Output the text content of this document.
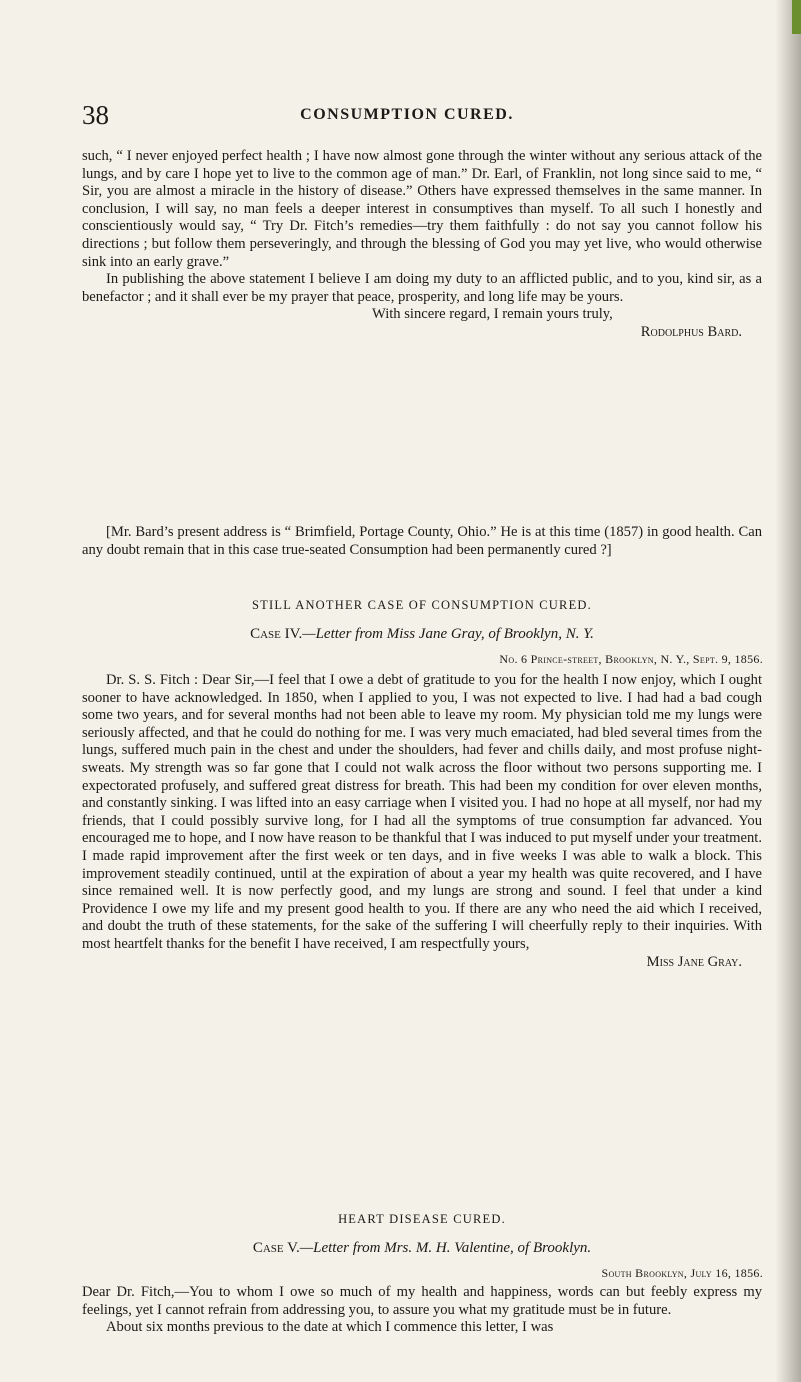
38	CONSUMPTION CURED.

such, “ I never enjoyed perfect health ; I have now almost gone through the winter without any serious attack of the lungs, and by care I hope yet to live to the common age of man.” Dr. Earl, of Franklin, not long since said to me, “ Sir, you are almost a miracle in the history of disease.” Others have expressed themselves in the same manner. In conclusion, I will say, no man feels a deeper interest in consumptives than myself. To all such I honestly and conscientiously would say, “ Try Dr. Fitch’s remedies—try them faithfully : do not say you cannot follow his directions ; but follow them perseveringly, and through the blessing of God you may yet live, who would otherwise sink into an early grave.”

In publishing the above statement I believe I am doing my duty to an afflicted public, and to you, kind sir, as a benefactor ; and it shall ever be my prayer that peace, prosperity, and long life may be yours.

With sincere regard, I remain yours truly,

Rodolphus Bard.

[Mr. Bard’s present address is “ Brimfield, Portage County, Ohio.” He is at this time (1857) in good health. Can any doubt remain that in this case true-seated Consumption had been permanently cured ?]

STILL ANOTHER CASE OF CONSUMPTION CURED.
Case IV.—Letter from Miss Jane Gray, of Brooklyn, N. Y.
No. 6 Prince-street, Brooklyn, N. Y., Sept. 9, 1856.

Dr. S. S. Fitch : Dear Sir,—I feel that I owe a debt of gratitude to you for the health I now enjoy, which I ought sooner to have acknowledged. In 1850, when I applied to you, I was not expected to live. I had had a bad cough some two years, and for several months had not been able to leave my room. My physician told me my lungs were seriously affected, and that he could do nothing for me. I was very much emaciated, had bled several times from the lungs, suffered much pain in the chest and under the shoulders, had fever and chills daily, and most profuse night-sweats. My strength was so far gone that I could not walk across the floor without two persons supporting me. I expectorated profusely, and suffered great distress for breath. This had been my condition for over eleven months, and constantly sinking. I was lifted into an easy carriage when I visited you. I had no hope at all myself, nor had my friends, that I could possibly survive long, for I had all the symptoms of true consumption far advanced. You encouraged me to hope, and I now have reason to be thankful that I was induced to put myself under your treatment. I made rapid improvement after the first week or ten days, and in five weeks I was able to walk a block. This improvement steadily continued, until at the expiration of about a year my health was quite recovered, and I have since remained well. It is now perfectly good, and my lungs are strong and sound. I feel that under a kind Providence I owe my life and my present good health to you. If there are any who need the aid which I received, and doubt the truth of these statements, for the sake of the suffering I will cheerfully reply to their inquiries. With most heartfelt thanks for the benefit I have received, I am respectfully yours,

Miss Jane Gray.

HEART DISEASE CURED.
Case V.—Letter from Mrs. M. H. Valentine, of Brooklyn.
South Brooklyn, July 16, 1856.

Dear Dr. Fitch,—You to whom I owe so much of my health and happiness, words can but feebly express my feelings, yet I cannot refrain from addressing you, to assure you what my gratitude must be in future.

About six months previous to the date at which I commence this letter, I was
